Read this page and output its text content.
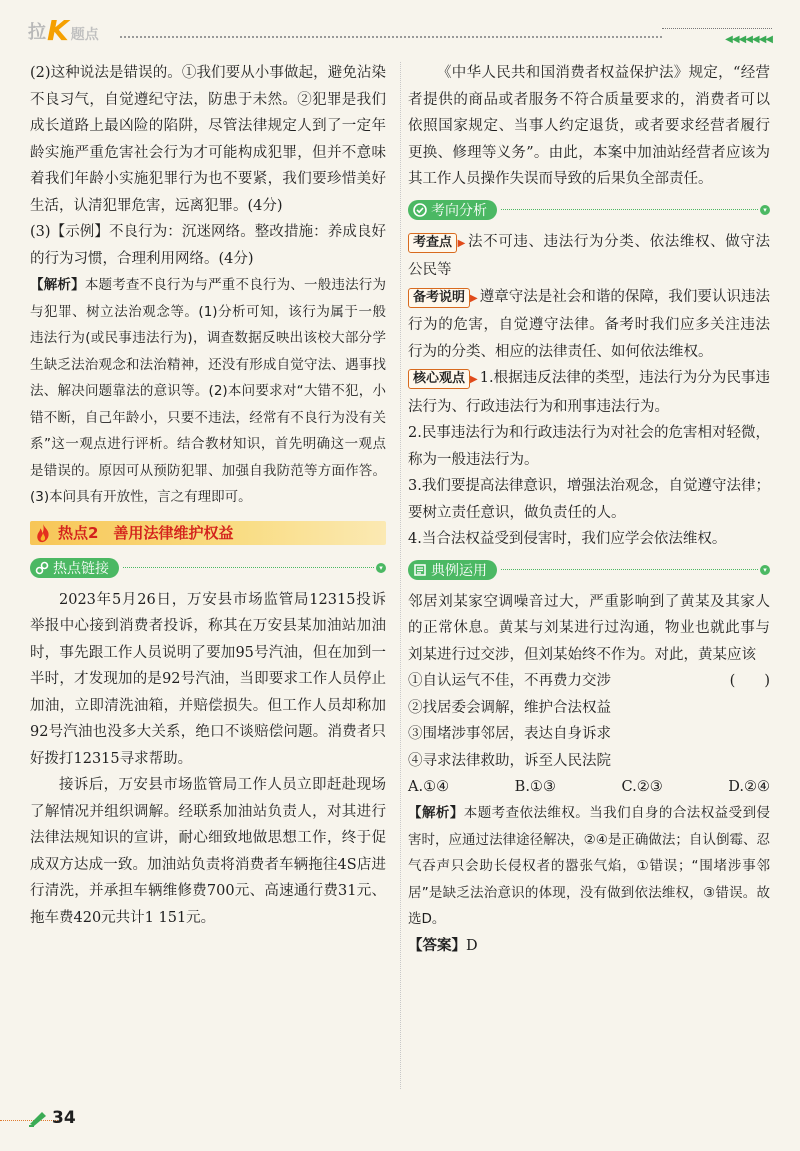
拉 K 题点	◀◀◀◀◀◀◀

(2)这种说法是错误的。①我们要从小事做起，避免沾染不良习气，自觉遵纪守法，防患于未然。②犯罪是我们成长道路上最凶险的陷阱，尽管法律规定人到了一定年龄实施严重危害社会行为才可能构成犯罪，但并不意味着我们年龄小实施犯罪行为也不要紧，我们要珍惜美好生活，认清犯罪危害，远离犯罪。(4分)

(3)【示例】不良行为：沉迷网络。整改措施：养成良好的行为习惯，合理利用网络。(4分)

【解析】本题考查不良行为与严重不良行为、一般违法行为与犯罪、树立法治观念等。(1)分析可知，该行为属于一般违法行为(或民事违法行为)，调查数据反映出该校大部分学生缺乏法治观念和法治精神，还没有形成自觉守法、遇事找法、解决问题靠法的意识等。(2)本问要求对“大错不犯，小错不断，自己年龄小，只要不违法，经常有不良行为没有关系”这一观点进行评析。结合教材知识，首先明确这一观点是错误的。原因可从预防犯罪、加强自我防范等方面作答。(3)本问具有开放性，言之有理即可。

热点2　善用法律维护权益
热点链接	▾

2023年5月26日，万安县市场监管局12315投诉举报中心接到消费者投诉，称其在万安县某加油站加油时，事先跟工作人员说明了要加95号汽油，但在加到一半时，才发现加的是92号汽油，当即要求工作人员停止加油，立即清洗油箱，并赔偿损失。但工作人员却称加92号汽油也没多大关系，绝口不谈赔偿问题。消费者只好拨打12315寻求帮助。

接诉后，万安县市场监管局工作人员立即赶赴现场了解情况并组织调解。经联系加油站负责人，对其进行法律法规知识的宣讲，耐心细致地做思想工作，终于促成双方达成一致。加油站负责将消费者车辆拖往4S店进行清洗，并承担车辆维修费700元、高速通行费31元、拖车费420元共计1 151元。

《中华人民共和国消费者权益保护法》规定，“经营者提供的商品或者服务不符合质量要求的，消费者可以依照国家规定、当事人约定退货，或者要求经营者履行更换、修理等义务”。由此，本案中加油站经营者应该为其工作人员操作失误而导致的后果负全部责任。

考向分析	▾

考查点 ▶ 法不可违、违法行为分类、依法维权、做守法公民等

备考说明 ▶ 遵章守法是社会和谐的保障，我们要认识违法行为的危害，自觉遵守法律。备考时我们应多关注违法行为的分类、相应的法律责任、如何依法维权。

核心观点 ▶ 1.根据违反法律的类型，违法行为分为民事违法行为、行政违法行为和刑事违法行为。

2.民事违法行为和行政违法行为对社会的危害相对轻微，称为一般违法行为。

3.我们要提高法律意识，增强法治观念，自觉遵守法律；要树立责任意识，做负责任的人。

4.当合法权益受到侵害时，我们应学会依法维权。

典例运用	▾

邻居刘某家空调噪音过大，严重影响到了黄某及其家人的正常休息。黄某与刘某进行过沟通，物业也就此事与刘某进行过交涉，但刘某始终不作为。对此，黄某应该
(　　)

①自认运气不佳，不再费力交涉

②找居委会调解，维护合法权益

③围堵涉事邻居，表达自身诉求

④寻求法律救助，诉至人民法院

A.①④	B.①③	C.②③	D.②④

【解析】本题考查依法维权。当我们自身的合法权益受到侵害时，应通过法律途径解决，②④是正确做法；自认倒霉、忍气吞声只会助长侵权者的嚣张气焰，①错误；“围堵涉事邻居”是缺乏法治意识的体现，没有做到依法维权，③错误。故选D。

【答案】D

34
